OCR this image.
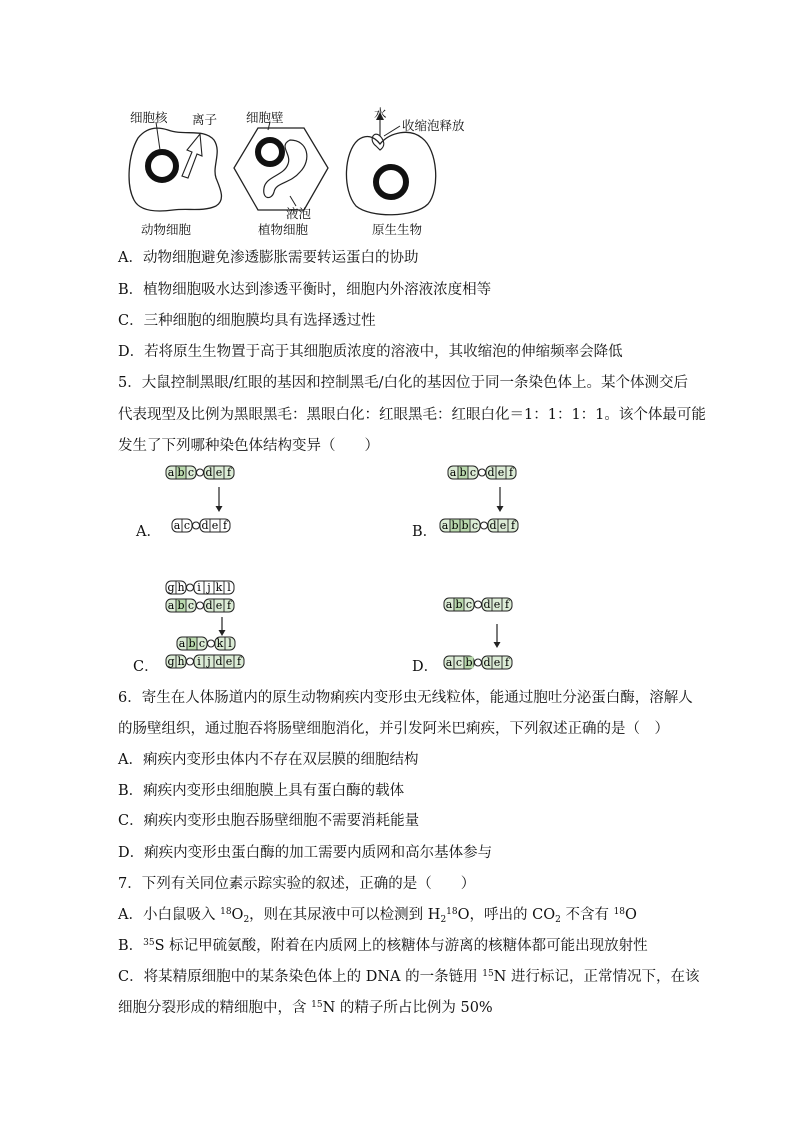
细胞核 离子 细胞壁	水
收缩泡释放
液泡
动物细胞	植物细胞	原生生物
A．动物细胞避免渗透膨胀需要转运蛋白的协助
B．植物细胞吸水达到渗透平衡时，细胞内外溶液浓度相等
C．三种细胞的细胞膜均具有选择透过性
D．若将原生生物置于高于其细胞质浓度的溶液中，其收缩泡的伸缩频率会降低
5．大鼠控制黑眼/红眼的基因和控制黑毛/白化的基因位于同一条染色体上。某个体测交后
代表现型及比例为黑眼黑毛：黑眼白化：红眼黑毛：红眼白化＝1：1：1：1。该个体最可能
发生了下列哪种染色体结构变异（　　）
A．	B．
C．	D．
a b c d e f
a c d e f
a b c d e f
a b b c d e f
g h i j k l
a b c d e f
a b c k l
g h i j d e f
a b c d e f
a c b d e f
6．寄生在人体肠道内的原生动物痢疾内变形虫无线粒体，能通过胞吐分泌蛋白酶，溶解人
的肠壁组织，通过胞吞将肠壁细胞消化，并引发阿米巴痢疾，下列叙述正确的是（　）
A．痢疾内变形虫体内不存在双层膜的细胞结构
B．痢疾内变形虫细胞膜上具有蛋白酶的载体
C．痢疾内变形虫胞吞肠壁细胞不需要消耗能量
D．痢疾内变形虫蛋白酶的加工需要内质网和高尔基体参与
7．下列有关同位素示踪实验的叙述，正确的是（　　）
A．小白鼠吸入 $^{18}O_2$，则在其尿液中可以检测到 $H_2^{18}O$，呼出的 $CO_2$ 不含有 $^{18}$O
B．$^{35}$S 标记甲硫氨酸，附着在内质网上的核糖体与游离的核糖体都可能出现放射性
C．将某精原细胞中的某条染色体上的 DNA 的一条链用 $^{15}$N 进行标记，正常情况下，在该
细胞分裂形成的精细胞中，含 $^{15}$N 的精子所占比例为 50%
